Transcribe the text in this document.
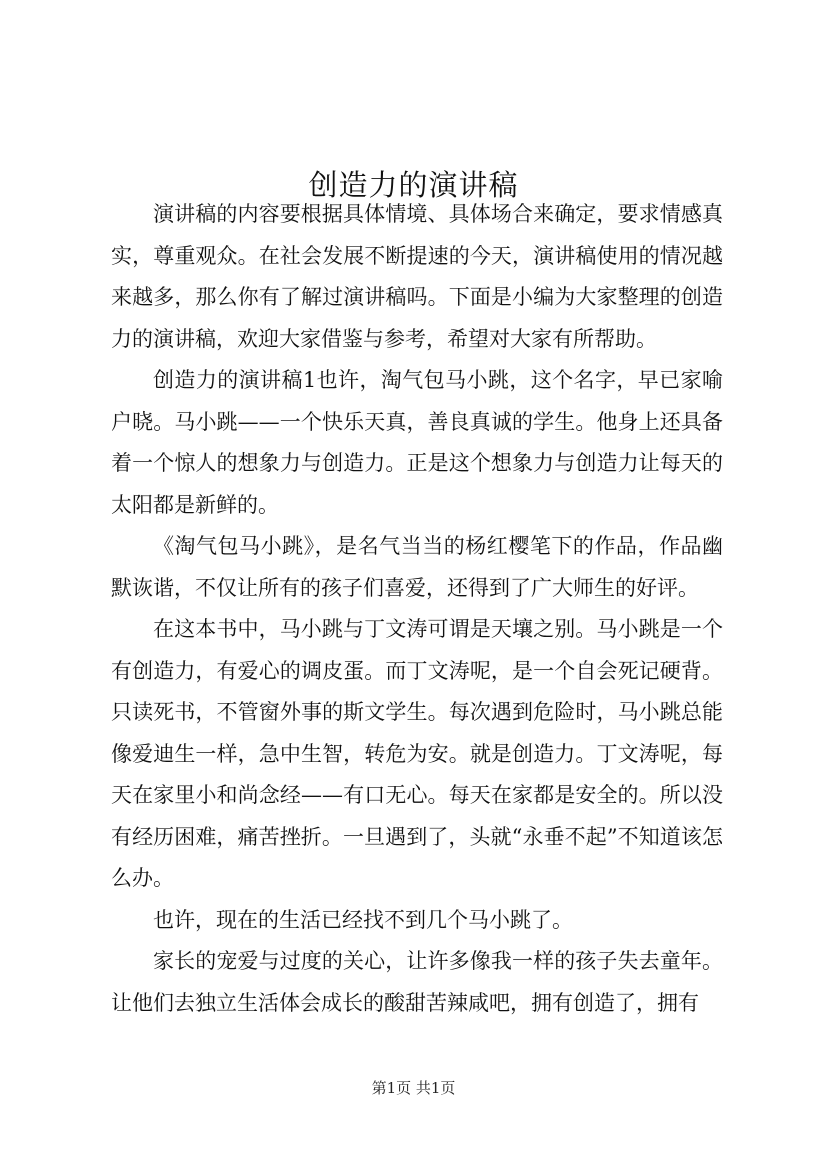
创造力的演讲稿

演讲稿的内容要根据具体情境、具体场合来确定，要求情感真实，尊重观众。在社会发展不断提速的今天，演讲稿使用的情况越来越多，那么你有了解过演讲稿吗。下面是小编为大家整理的创造力的演讲稿，欢迎大家借鉴与参考，希望对大家有所帮助。

创造力的演讲稿1也许，淘气包马小跳，这个名字，早已家喻户晓。马小跳——一个快乐天真，善良真诚的学生。他身上还具备着一个惊人的想象力与创造力。正是这个想象力与创造力让每天的太阳都是新鲜的。

《淘气包马小跳》，是名气当当的杨红樱笔下的作品，作品幽默诙谐，不仅让所有的孩子们喜爱，还得到了广大师生的好评。

在这本书中，马小跳与丁文涛可谓是天壤之别。马小跳是一个有创造力，有爱心的调皮蛋。而丁文涛呢，是一个自会死记硬背。只读死书，不管窗外事的斯文学生。每次遇到危险时，马小跳总能像爱迪生一样，急中生智，转危为安。就是创造力。丁文涛呢，每天在家里小和尚念经——有口无心。每天在家都是安全的。所以没有经历困难，痛苦挫折。一旦遇到了，头就“永垂不起”不知道该怎么办。

也许，现在的生活已经找不到几个马小跳了。

家长的宠爱与过度的关心，让许多像我一样的孩子失去童年。让他们去独立生活体会成长的酸甜苦辣咸吧，拥有创造了，拥有

第1页 共1页
